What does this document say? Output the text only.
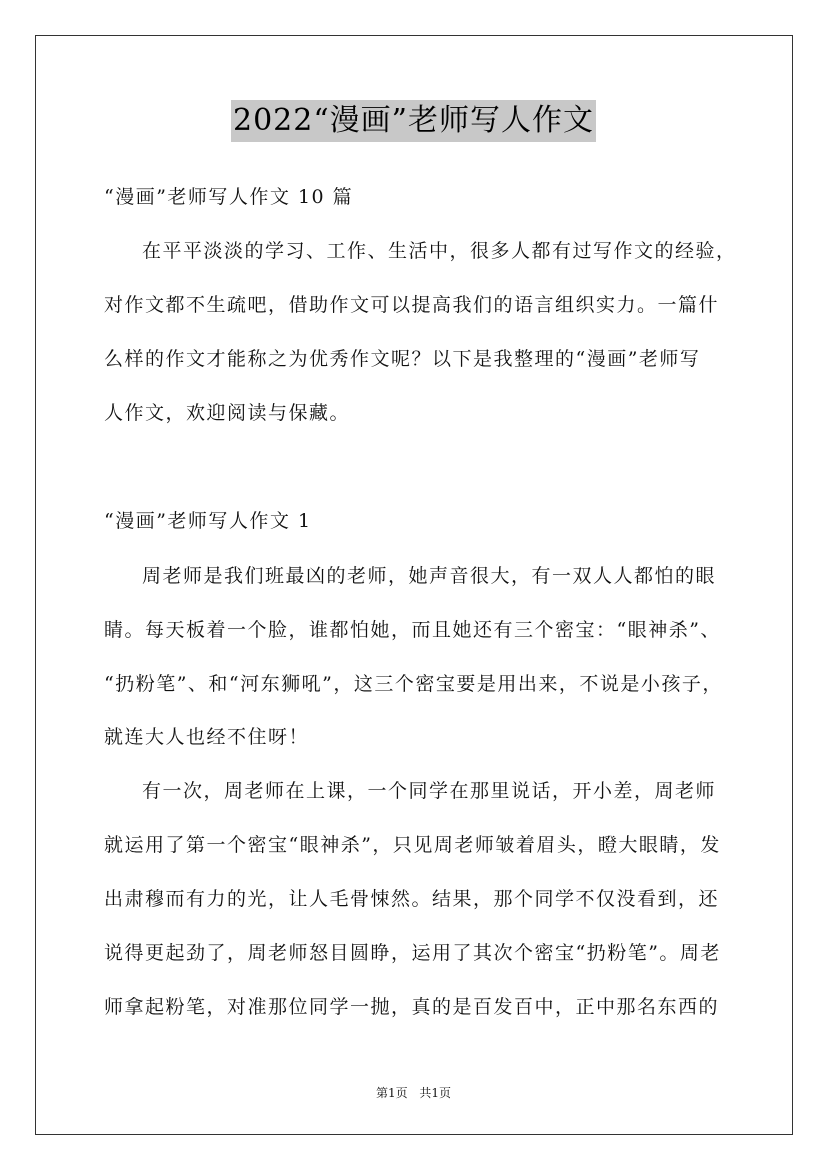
2022“漫画”老师写人作文
“漫画”老师写人作文 10 篇
在平平淡淡的学习、工作、生活中，很多人都有过写作文的经验，
对作文都不生疏吧，借助作文可以提高我们的语言组织实力。一篇什
么样的作文才能称之为优秀作文呢？以下是我整理的“漫画”老师写
人作文，欢迎阅读与保藏。
“漫画”老师写人作文 1
周老师是我们班最凶的老师，她声音很大，有一双人人都怕的眼
睛。每天板着一个脸，谁都怕她，而且她还有三个密宝：“眼神杀”、
“扔粉笔”、和“河东狮吼”，这三个密宝要是用出来，不说是小孩子，
就连大人也经不住呀！
有一次，周老师在上课，一个同学在那里说话，开小差，周老师
就运用了第一个密宝“眼神杀”，只见周老师皱着眉头，瞪大眼睛，发
出肃穆而有力的光，让人毛骨悚然。结果，那个同学不仅没看到，还
说得更起劲了，周老师怒目圆睁，运用了其次个密宝“扔粉笔”。周老
师拿起粉笔，对准那位同学一抛，真的是百发百中，正中那名东西的
第1页 共1页
